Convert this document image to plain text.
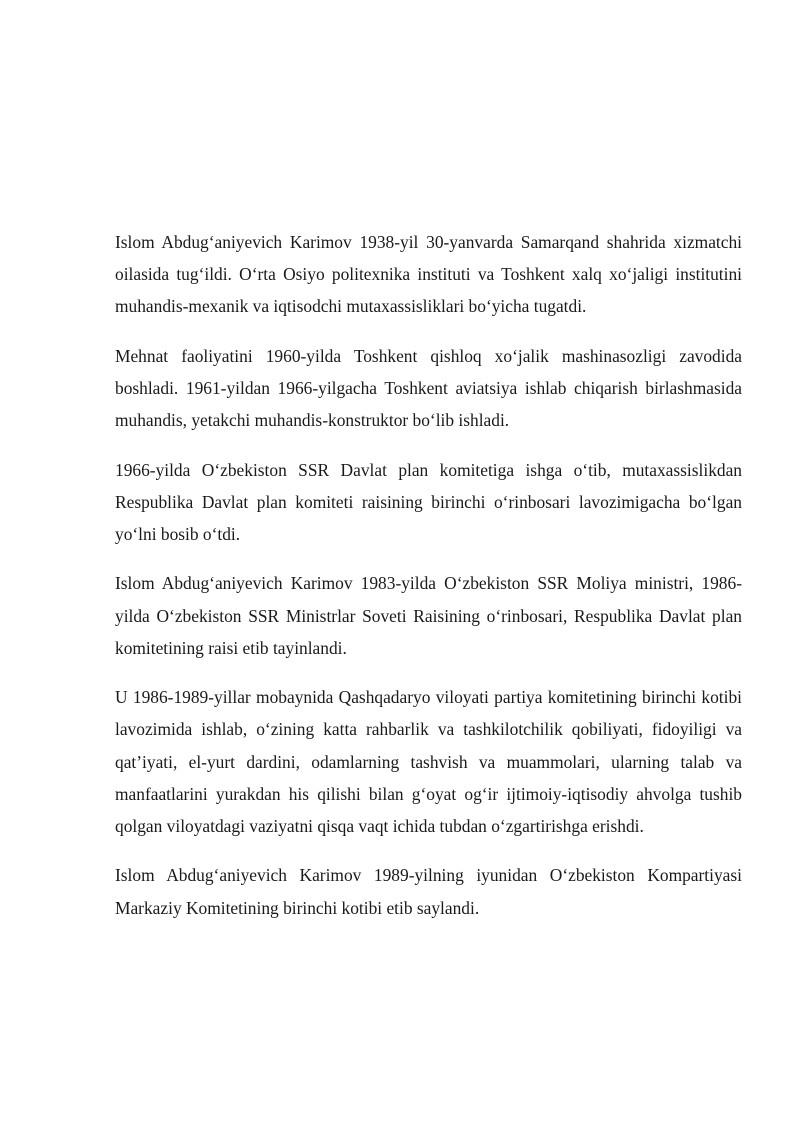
Islom Abdug‘aniyevich Karimov 1938-yil 30-yanvarda Samarqand shahrida xizmatchi oilasida tug‘ildi. O‘rta Osiyo politexnika instituti va Toshkent xalq xo‘jaligi institutini muhandis-mexanik va iqtisodchi mutaxassisliklari bo‘yicha tugatdi.

Mehnat faoliyatini 1960-yilda Toshkent qishloq xo‘jalik mashinasozligi zavodida boshladi. 1961-yildan 1966-yilgacha Toshkent aviatsiya ishlab chiqarish birlashmasida muhandis, yetakchi muhandis-konstruktor bo‘lib ishladi.

1966-yilda O‘zbekiston SSR Davlat plan komitetiga ishga o‘tib, mutaxassislikdan Respublika Davlat plan komiteti raisining birinchi o‘rinbosari lavozimigacha bo‘lgan yo‘lni bosib o‘tdi.

Islom Abdug‘aniyevich Karimov 1983-yilda O‘zbekiston SSR Moliya ministri, 1986-yilda O‘zbekiston SSR Ministrlar Soveti Raisining o‘rinbosari, Respublika Davlat plan komitetining raisi etib tayinlandi.

U 1986-1989-yillar mobaynida Qashqadaryo viloyati partiya komitetining birinchi kotibi lavozimida ishlab, o‘zining katta rahbarlik va tashkilotchilik qobiliyati, fidoyiligi va qat’iyati, el-yurt dardini, odamlarning tashvish va muammolari, ularning talab va manfaatlarini yurakdan his qilishi bilan g‘oyat og‘ir ijtimoiy-iqtisodiy ahvolga tushib qolgan viloyatdagi vaziyatni qisqa vaqt ichida tubdan o‘zgartirishga erishdi.

Islom Abdug‘aniyevich Karimov 1989-yilning iyunidan O‘zbekiston Kompartiyasi Markaziy Komitetining birinchi kotibi etib saylandi.
